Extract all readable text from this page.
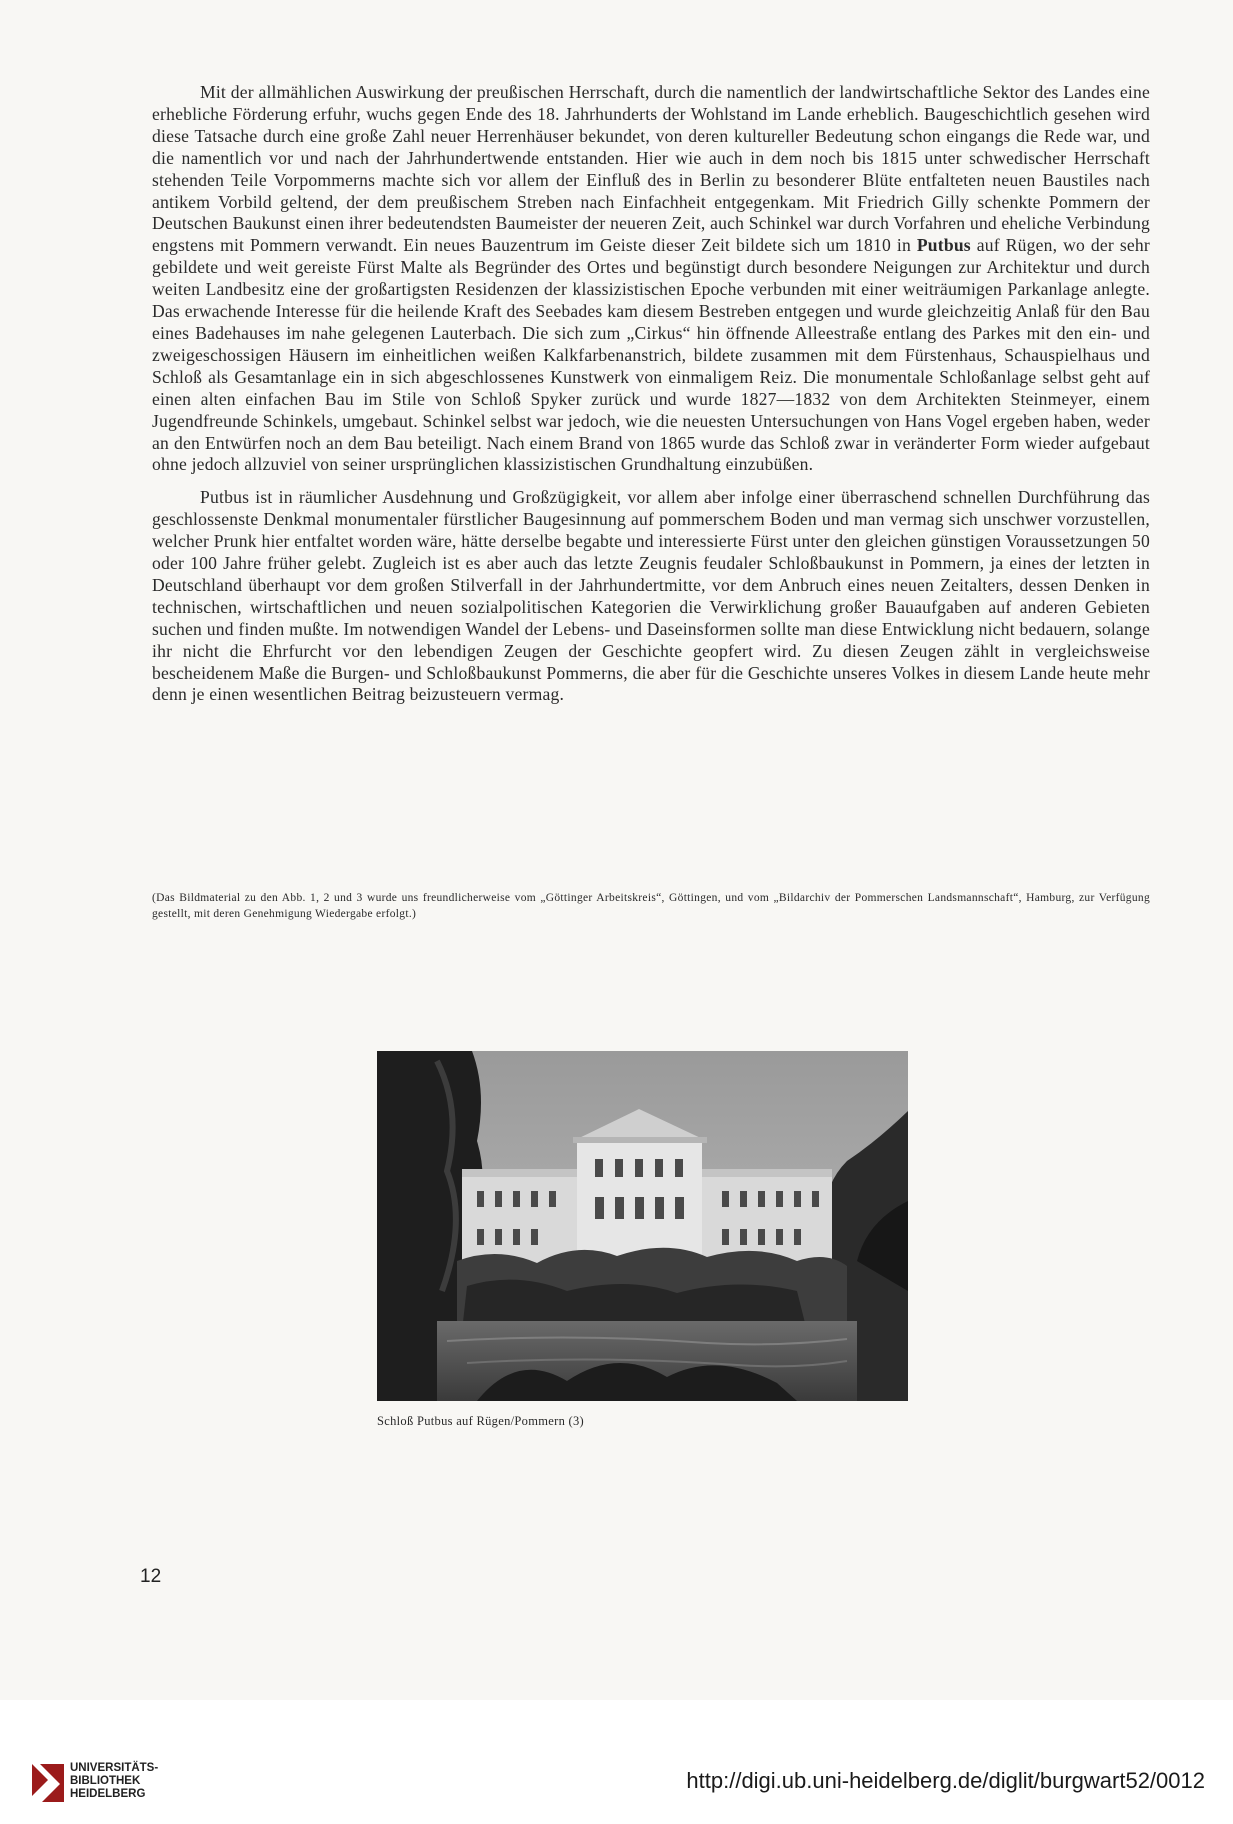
Mit der allmählichen Auswirkung der preußischen Herrschaft, durch die namentlich der landwirtschaftliche Sektor des Landes eine erhebliche Förderung erfuhr, wuchs gegen Ende des 18. Jahrhunderts der Wohlstand im Lande erheblich. Baugeschichtlich gesehen wird diese Tatsache durch eine große Zahl neuer Herrenhäuser bekundet, von deren kultureller Bedeutung schon eingangs die Rede war, und die namentlich vor und nach der Jahrhundertwende entstanden. Hier wie auch in dem noch bis 1815 unter schwedischer Herrschaft stehenden Teile Vorpommerns machte sich vor allem der Einfluß des in Berlin zu besonderer Blüte entfalteten neuen Baustiles nach antikem Vorbild geltend, der dem preußischem Streben nach Einfachheit entgegenkam. Mit Friedrich Gilly schenkte Pommern der Deutschen Baukunst einen ihrer bedeutendsten Baumeister der neueren Zeit, auch Schinkel war durch Vorfahren und eheliche Verbindung engstens mit Pommern verwandt. Ein neues Bauzentrum im Geiste dieser Zeit bildete sich um 1810 in Putbus auf Rügen, wo der sehr gebildete und weit gereiste Fürst Malte als Begründer des Ortes und begünstigt durch besondere Neigungen zur Architektur und durch weiten Landbesitz eine der großartigsten Residenzen der klassizistischen Epoche verbunden mit einer weiträumigen Parkanlage anlegte. Das erwachende Interesse für die heilende Kraft des Seebades kam diesem Bestreben entgegen und wurde gleichzeitig Anlaß für den Bau eines Badehauses im nahe gelegenen Lauterbach. Die sich zum „Cirkus“ hin öffnende Alleestraße entlang des Parkes mit den ein- und zweigeschossigen Häusern im einheitlichen weißen Kalkfarbenanstrich, bildete zusammen mit dem Fürstenhaus, Schauspielhaus und Schloß als Gesamtanlage ein in sich abgeschlossenes Kunstwerk von einmaligem Reiz. Die monumentale Schloßanlage selbst geht auf einen alten einfachen Bau im Stile von Schloß Spyker zurück und wurde 1827—1832 von dem Architekten Steinmeyer, einem Jugendfreunde Schinkels, umgebaut. Schinkel selbst war jedoch, wie die neuesten Untersuchungen von Hans Vogel ergeben haben, weder an den Entwürfen noch an dem Bau beteiligt. Nach einem Brand von 1865 wurde das Schloß zwar in veränderter Form wieder aufgebaut ohne jedoch allzuviel von seiner ursprünglichen klassizistischen Grundhaltung einzubüßen.

Putbus ist in räumlicher Ausdehnung und Großzügigkeit, vor allem aber infolge einer überraschend schnellen Durchführung das geschlossenste Denkmal monumentaler fürstlicher Baugesinnung auf pommerschem Boden und man vermag sich unschwer vorzustellen, welcher Prunk hier entfaltet worden wäre, hätte derselbe begabte und interessierte Fürst unter den gleichen günstigen Voraussetzungen 50 oder 100 Jahre früher gelebt. Zugleich ist es aber auch das letzte Zeugnis feudaler Schloßbaukunst in Pommern, ja eines der letzten in Deutschland überhaupt vor dem großen Stilverfall in der Jahrhundertmitte, vor dem Anbruch eines neuen Zeitalters, dessen Denken in technischen, wirtschaftlichen und neuen sozialpolitischen Kategorien die Verwirklichung großer Bauaufgaben auf anderen Gebieten suchen und finden mußte. Im notwendigen Wandel der Lebens- und Daseinsformen sollte man diese Entwicklung nicht bedauern, solange ihr nicht die Ehrfurcht vor den lebendigen Zeugen der Geschichte geopfert wird. Zu diesen Zeugen zählt in vergleichsweise bescheidenem Maße die Burgen- und Schloßbaukunst Pommerns, die aber für die Geschichte unseres Volkes in diesem Lande heute mehr denn je einen wesentlichen Beitrag beizusteuern vermag.

(Das Bildmaterial zu den Abb. 1, 2 und 3 wurde uns freundlicherweise vom „Göttinger Arbeitskreis“, Göttingen, und vom „Bildarchiv der Pommerschen Landsmannschaft“, Hamburg, zur Verfügung gestellt, mit deren Genehmigung Wiedergabe erfolgt.)
Schloß Putbus auf Rügen/Pommern (3)
12
UNIVERSITÄTS-
BIBLIOTHEK
HEIDELBERG
http://digi.ub.uni-heidelberg.de/diglit/burgwart52/0012
